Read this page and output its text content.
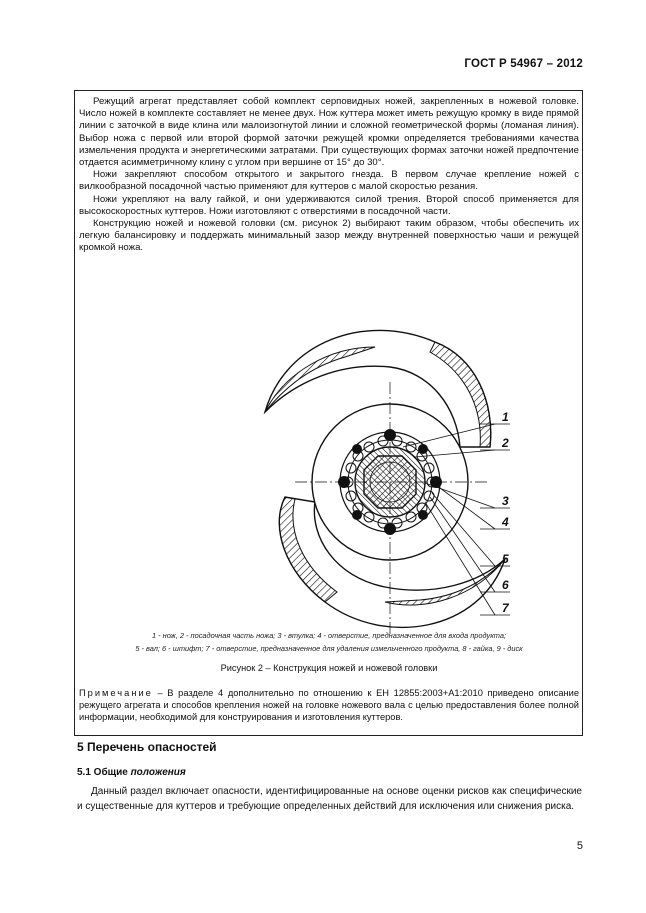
ГОСТ Р 54967 – 2012

Режущий агрегат представляет собой комплект серповидных ножей, закрепленных в ножевой головке. Число ножей в комплекте составляет не менее двух. Нож куттера может иметь режущую кромку в виде прямой линии с заточкой в виде клина или малоизогнутой линии и сложной геометрической формы (ломаная линия). Выбор ножа с первой или второй формой заточки режущей кромки определяется требованиями качества измельчения продукта и энергетическими затратами. При существующих формах заточки ножей предпочтение отдается асимметричному клину с углом при вершине от 15° до 30°.

Ножи закрепляют способом открытого и закрытого гнезда. В первом случае крепление ножей с вилкообразной посадочной частью применяют для куттеров с малой скоростью резания.

Ножи укрепляют на валу гайкой, и они удерживаются силой трения. Второй способ применяется для высокоскоростных куттеров. Ножи изготовляют с отверстиями в посадочной части.

Конструкцию ножей и ножевой головки (см. рисунок 2) выбирают таким образом, чтобы обеспечить их легкую балансировку и поддержать минимальный зазор между внутренней поверхностью чаши и режущей кромкой ножа.

1
2
3
4
5
6
7
1 - нож, 2 - посадочная часть ножа; 3 - втулка; 4 - отверстие, предназначенное для входа продукта;
5 - вал; 6 - штифт; 7 - отверстие, предназначенное для удаления измельченного продукта, 8 - гайка, 9 - диск
Рисунок 2 – Конструкция ножей и ножевой головки
Примечание – В разделе 4 дополнительно по отношению к ЕН 12855:2003+А1:2010 приведено описание режущего агрегата и способов крепления ножей на головке ножевого вала с целью предоставления более полной информации, необходимой для конструирования и изготовления куттеров.
5 Перечень опасностей
5.1 Общие положения

Данный раздел включает опасности, идентифицированные на основе оценки рисков как специфические и существенные для куттеров и требующие определенных действий для исключения или снижения риска.

5
